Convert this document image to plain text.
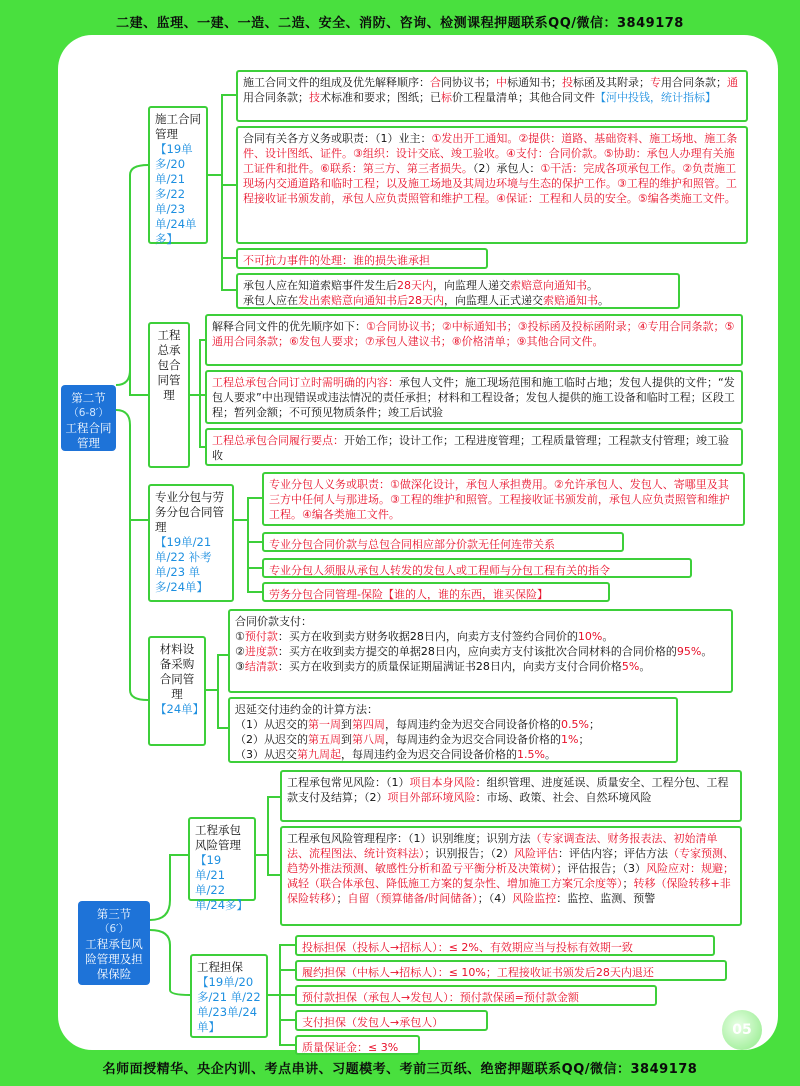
二建、监理、一建、一造、二造、安全、消防、咨询、检测课程押题联系QQ/微信：3849178
第二节
（6-8′）
工程合同管理
施工合同管理
【19单多/20单/21多/22单/23单/24单多】
施工合同文件的组成及优先解释顺序：合同协议书；中标通知书；投标函及其附录；专用合同条款；通用合同条款；技术标准和要求；图纸；已标价工程量清单；其他合同文件【河中投钱，统计指标】
合同有关各方义务或职责：（1）业主：①发出开工通知。②提供：道路、基础资料、施工场地、施工条件、设计图纸、证件。③组织：设计交底、竣工验收。④支付：合同价款。⑤协助：承包人办理有关施工证件和批件。⑥联系：第三方、第三者损失。（2）承包人：①干活：完成各项承包工作。②负责施工现场内交通道路和临时工程；以及施工场地及其周边环境与生态的保护工作。③工程的维护和照管。工程接收证书颁发前，承包人应负责照管和维护工程。④保证：工程和人员的安全。⑤编各类施工文件。
不可抗力事件的处理：谁的损失谁承担
承包人应在知道索赔事件发生后28天内，向监理人递交索赔意向通知书。
承包人应在发出索赔意向通知书后28天内，向监理人正式递交索赔通知书。
工程总承包合同管理
解释合同文件的优先顺序如下：①合同协议书；②中标通知书；③投标函及投标函附录；④专用合同条款；⑤通用合同条款；⑥发包人要求；⑦承包人建议书；⑧价格清单；⑨其他合同文件。
工程总承包合同订立时需明确的内容：承包人文件；施工现场范围和施工临时占地；发包人提供的文件；“发包人要求”中出现错误或违法情况的责任承担；材料和工程设备；发包人提供的施工设备和临时工程；区段工程；暂列金额；不可预见物质条件；竣工后试验
工程总承包合同履行要点：开始工作；设计工作；工程进度管理；工程质量管理；工程款支付管理；竣工验收
专业分包与劳务分包合同管理
【19单/21单/22 补考单/23 单多/24单】
专业分包人义务或职责：①做深化设计，承包人承担费用。②允许承包人、发包人、寄哪里及其三方中任何人与那进场。③工程的维护和照管。工程接收证书颁发前，承包人应负责照管和维护工程。④编各类施工文件。
专业分包合同价款与总包合同相应部分价款无任何连带关系
专业分包人须服从承包人转发的发包人或工程师与分包工程有关的指令
劳务分包合同管理-保险【谁的人，谁的东西，谁买保险】
材料设备采购合同管理
【24单】
合同价款支付：
①预付款：买方在收到卖方财务收据28日内，向卖方支付签约合同价的10%。
②进度款：买方在收到卖方提交的单据28日内，应向卖方支付该批次合同材料的合同价格的95%。
③结清款：买方在收到卖方的质量保证期届满证书28日内，向卖方支付合同价格5%。
迟延交付违约金的计算方法：
（1）从迟交的第一周到第四周，每周违约金为迟交合同设备价格的0.5%；
（2）从迟交的第五周到第八周，每周违约金为迟交合同设备价格的1%；
（3）从迟交第九周起，每周违约金为迟交合同设备价格的1.5%。
第三节
（6′）
工程承包风险管理及担保保险
工程承包风险管理
【19单/21单/22 单/24多】
工程承包常见风险：（1）项目本身风险：组织管理、进度延误、质量安全、工程分包、工程款支付及结算；（2）项目外部环境风险：市场、政策、社会、自然环境风险
工程承包风险管理程序：（1）识别维度；识别方法（专家调查法、财务报表法、初始清单法、流程图法、统计资料法）；识别报告；（2）风险评估：评估内容；评估方法（专家预测、趋势外推法预测、敏感性分析和盈亏平衡分析及决策树）；评估报告；（3）风险应对：规避；减轻（联合体承包、降低施工方案的复杂性、增加施工方案冗余度等）；转移（保险转移+非保险转移）；自留（预算储备/时间储备）；（4）风险监控：监控、监测、预警
工程担保
【19单/20多/21 单/22单/23单/24 单】
投标担保（投标人→招标人）：≤ 2%、有效期应当与投标有效期一致
履约担保（中标人→招标人）：≤ 10%；工程接收证书颁发后28天内退还
预付款担保（承包人→发包人）：预付款保函=预付款金额
支付担保（发包人→承包人）
质量保证金：≤ 3%
05
名师面授精华、央企内训、考点串讲、习题模考、考前三页纸、绝密押题联系QQ/微信：3849178
